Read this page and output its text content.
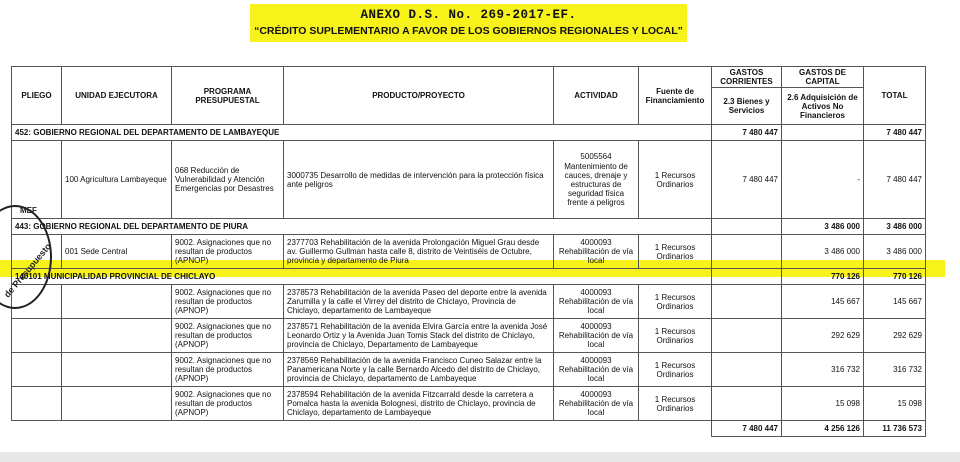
ANEXO D.S. No. 269-2017-EF.
“CRÉDITO SUPLEMENTARIO A FAVOR DE LOS GOBIERNOS REGIONALES Y LOCAL”
PLIEGO	UNIDAD EJECUTORA	PROGRAMA PRESUPUESTAL	PRODUCTO/PROYECTO	ACTIVIDAD	Fuente de Financiamiento	GASTOS CORRIENTES	GASTOS DE CAPITAL	TOTAL
						2.3 Bienes y Servicios	2.6 Adquisición de Activos No Financieros	
452: GOBIERNO REGIONAL DEL DEPARTAMENTO DE LAMBAYEQUE						7 480 447		7 480 447
	100 Agricultura Lambayeque	068 Reducción de Vulnerabilidad y Atención Emergencias por Desastres	3000735 Desarrollo de medidas de intervención para la protección física ante peligros	5005564 Mantenimiento de cauces, drenaje y estructuras de seguridad física frente a peligros	1 Recursos Ordinarios	7 480 447	-	7 480 447
443: GOBIERNO REGIONAL DEL DEPARTAMENTO DE PIURA							3 486 000	3 486 000
	001 Sede Central	9002. Asignaciones que no resultan de productos (APNOP)	2377703 Rehabilitación de la avenida Prolongación Miguel Grau desde av. Guillermo Gullman hasta calle 8, distrito de Veintiséis de Octubre, provincia y departamento de Piura	4000093 Rehabilitación de vía local	1 Recursos Ordinarios		3 486 000	3 486 000
140101 MUNICIPALIDAD PROVINCIAL DE CHICLAYO							770 126	770 126
		9002. Asignaciones que no resultan de productos (APNOP)	2378573 Rehabilitación de la avenida Paseo del deporte entre la avenida Zarumilla y la calle el Virrey del distrito de Chiclayo, Provincia de Chiclayo, departamento de Lambayeque	4000093 Rehabilitación de vía local	1 Recursos Ordinarios		145 667	145 667
		9002. Asignaciones que no resultan de productos (APNOP)	2378571 Rehabilitación de la avenida Elvira García entre la avenida José Leonardo Ortiz y la Avenida Juan Tomis Stack del distrito de Chiclayo, provincia de Chiclayo, Departamento de Lambayeque	4000093 Rehabilitación de vía local	1 Recursos Ordinarios		292 629	292 629
		9002. Asignaciones que no resultan de productos (APNOP)	2378569 Rehabilitación de la avenida Francisco Cuneo Salazar entre la Panamericana Norte y la calle Bernardo Alcedo del distrito de Chiclayo, provincia de Chiclayo, departamento de Lambayeque	4000093 Rehabilitación de vía local	1 Recursos Ordinarios		316 732	316 732
		9002. Asignaciones que no resultan de productos (APNOP)	2378594 Rehabilitación de la avenida Fitzcarrald desde la carretera a Pomalca hasta la avenida Bolognesi, distrito de Chiclayo, provincia de Chiclayo, departamento de Lambayeque	4000093 Rehabilitación de vía local	1 Recursos Ordinarios		15 098	15 098
						7 480 447	4 256 126	11 736 573
MEF
de Presupuesto
